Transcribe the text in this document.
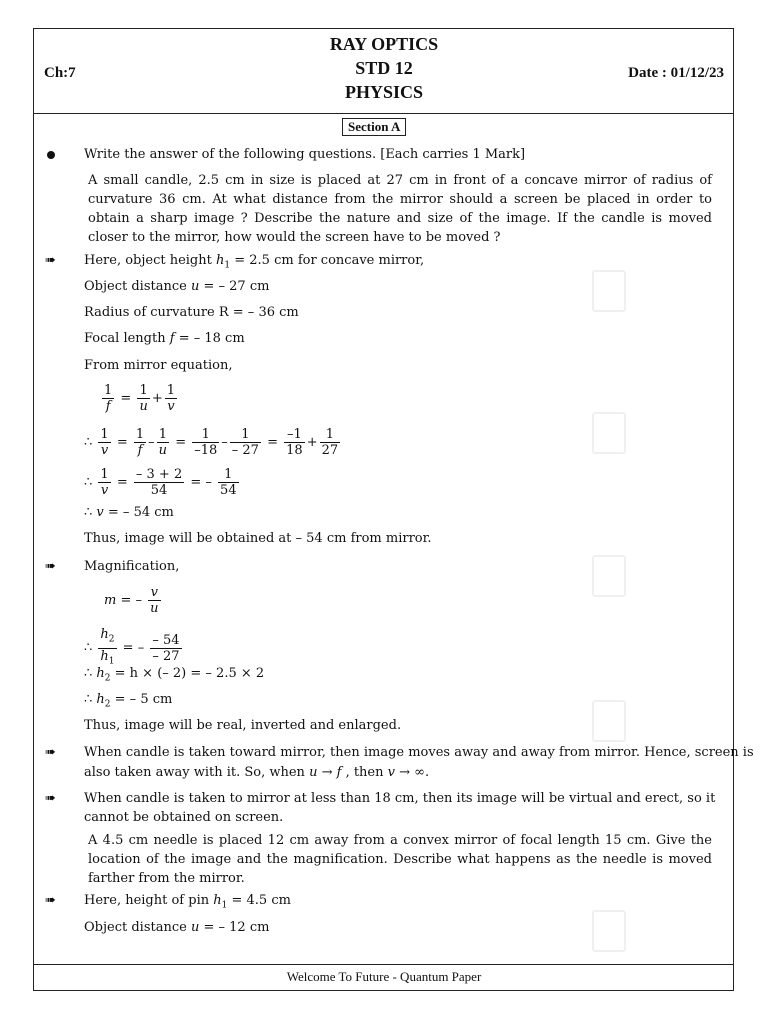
RAY OPTICS
STD 12
PHYSICS
Ch:7	Date : 01/12/23
Section A
Write the answer of the following questions. [Each carries 1 Mark]
A small candle, 2.5 cm in size is placed at 27 cm in front of a concave mirror of radius of curvature 36 cm. At what distance from the mirror should a screen be placed in order to obtain a sharp image ? Describe the nature and size of the image. If the candle is moved closer to the mirror, how would the screen have to be moved ?
➠ Here, object height $h_1 = 2.5$ cm for concave mirror,
Object distance u = – 27 cm
Radius of curvature R = – 36 cm
Focal length f = – 18 cm
From mirror equation,
$\frac{1}{f} = \frac{1}{u} + \frac{1}{v}$
∴ $\frac{1}{v} = \frac{1}{f} - \frac{1}{u} = \frac{1}{-18} - \frac{1}{- 27} = \frac{-1}{18} + \frac{1}{27}$
∴ $\frac{1}{v} = \frac{- 3 + 2}{54}$ = – $\frac{1}{54}$
∴ v = – 54 cm
Thus, image will be obtained at – 54 cm from mirror.
➠ Magnification,
m = – $\frac{v}{u}$
∴ $\frac{h_2}{h_1}$ = – $\frac{- 54}{- 27}$
∴ $h_2 = h$ × (– 2) = – 2.5 × 2
∴ $h_2$ = – 5 cm
Thus, image will be real, inverted and enlarged.
➠ When candle is taken toward mirror, then image moves away and away from mirror. Hence, screen is
also taken away with it. So, when u → f , then v → ∞.
➠ When candle is taken to mirror at less than 18 cm, then its image will be virtual and erect, so it
cannot be obtained on screen.
A 4.5 cm needle is placed 12 cm away from a convex mirror of focal length 15 cm. Give the location of the image and the magnification. Describe what happens as the needle is moved farther from the mirror.
➠ Here, height of pin $h_1 = 4.5$ cm
Object distance u = – 12 cm
Welcome To Future - Quantum Paper
